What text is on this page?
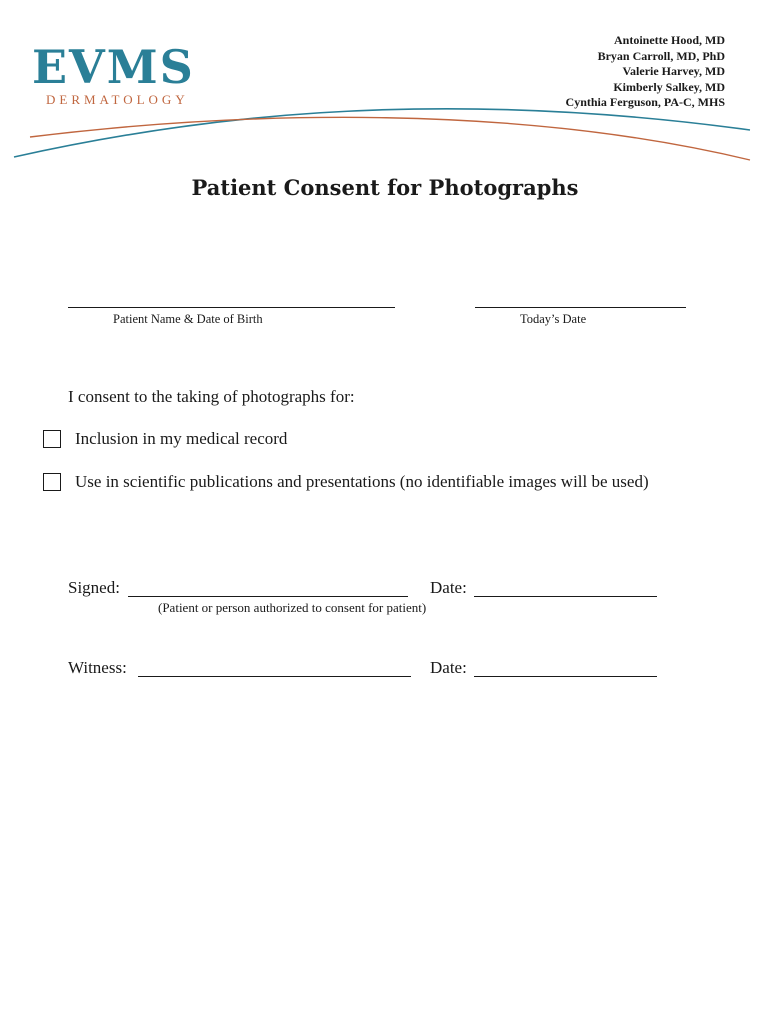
EVMS
DERMATOLOGY
Antoinette Hood, MD
Bryan Carroll, MD, PhD
Valerie Harvey, MD
Kimberly Salkey, MD
Cynthia Ferguson, PA-C, MHS
Patient Consent for Photographs
Patient Name & Date of Birth	Today’s Date
I consent to the taking of photographs for:
Inclusion in my medical record
Use in scientific publications and presentations (no identifiable images will be used)
Signed:	Date:
(Patient or person authorized to consent for patient)
Witness:	Date:
